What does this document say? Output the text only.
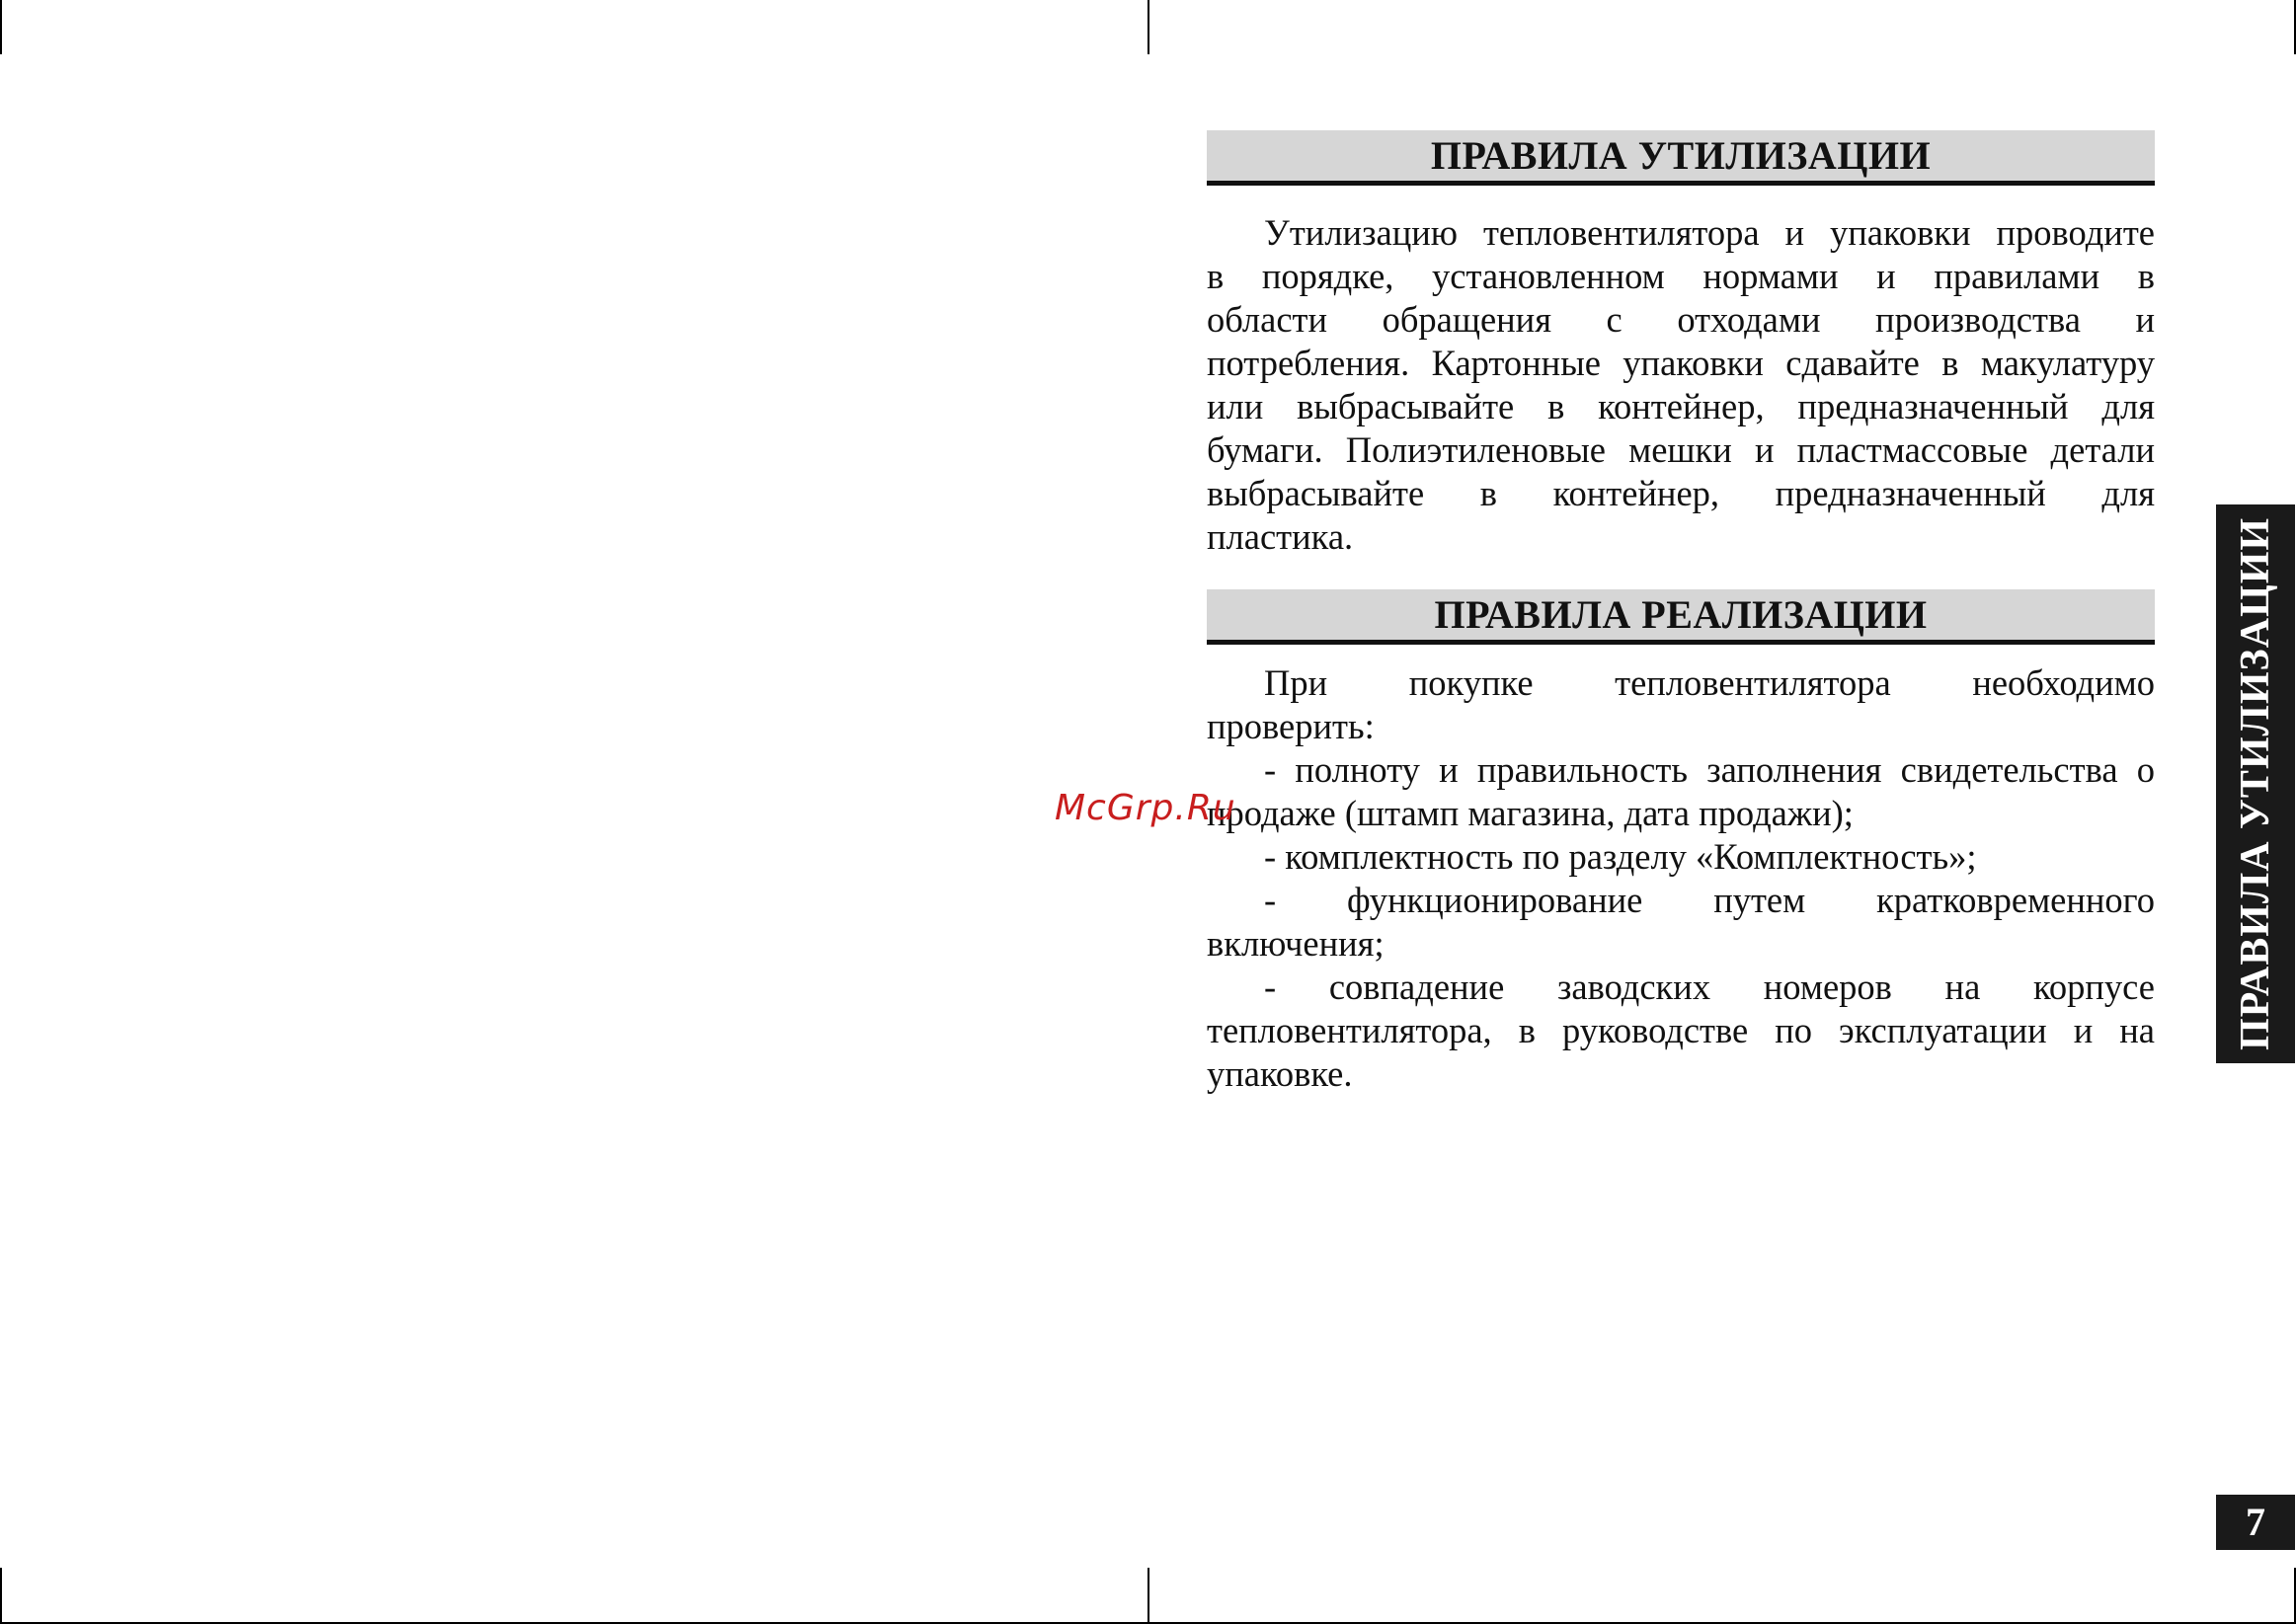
ПРАВИЛА УТИЛИЗАЦИИ
Утилизацию тепловентилятора и упаковки проводите
в порядке, установленном нормами и правилами в
области обращения с отходами производства и
потребления. Картонные упаковки сдавайте в макулатуру
или выбрасывайте в контейнер, предназначенный для
бумаги. Полиэтиленовые мешки и пластмассовые детали
выбрасывайте в контейнер, предназначенный для
пластика.
ПРАВИЛА РЕАЛИЗАЦИИ
При покупке тепловентилятора необходимо
проверить:
- полноту и правильность заполнения свидетельства о
продаже (штамп магазина, дата продажи);
- комплектность по разделу «Комплектность»;
- функционирование путем кратковременного
включения;
- совпадение заводских номеров на корпусе
тепловентилятора, в руководстве по эксплуатации и на
упаковке.
ПРАВИЛА УТИЛИЗАЦИИ
7
McGrp.Ru
